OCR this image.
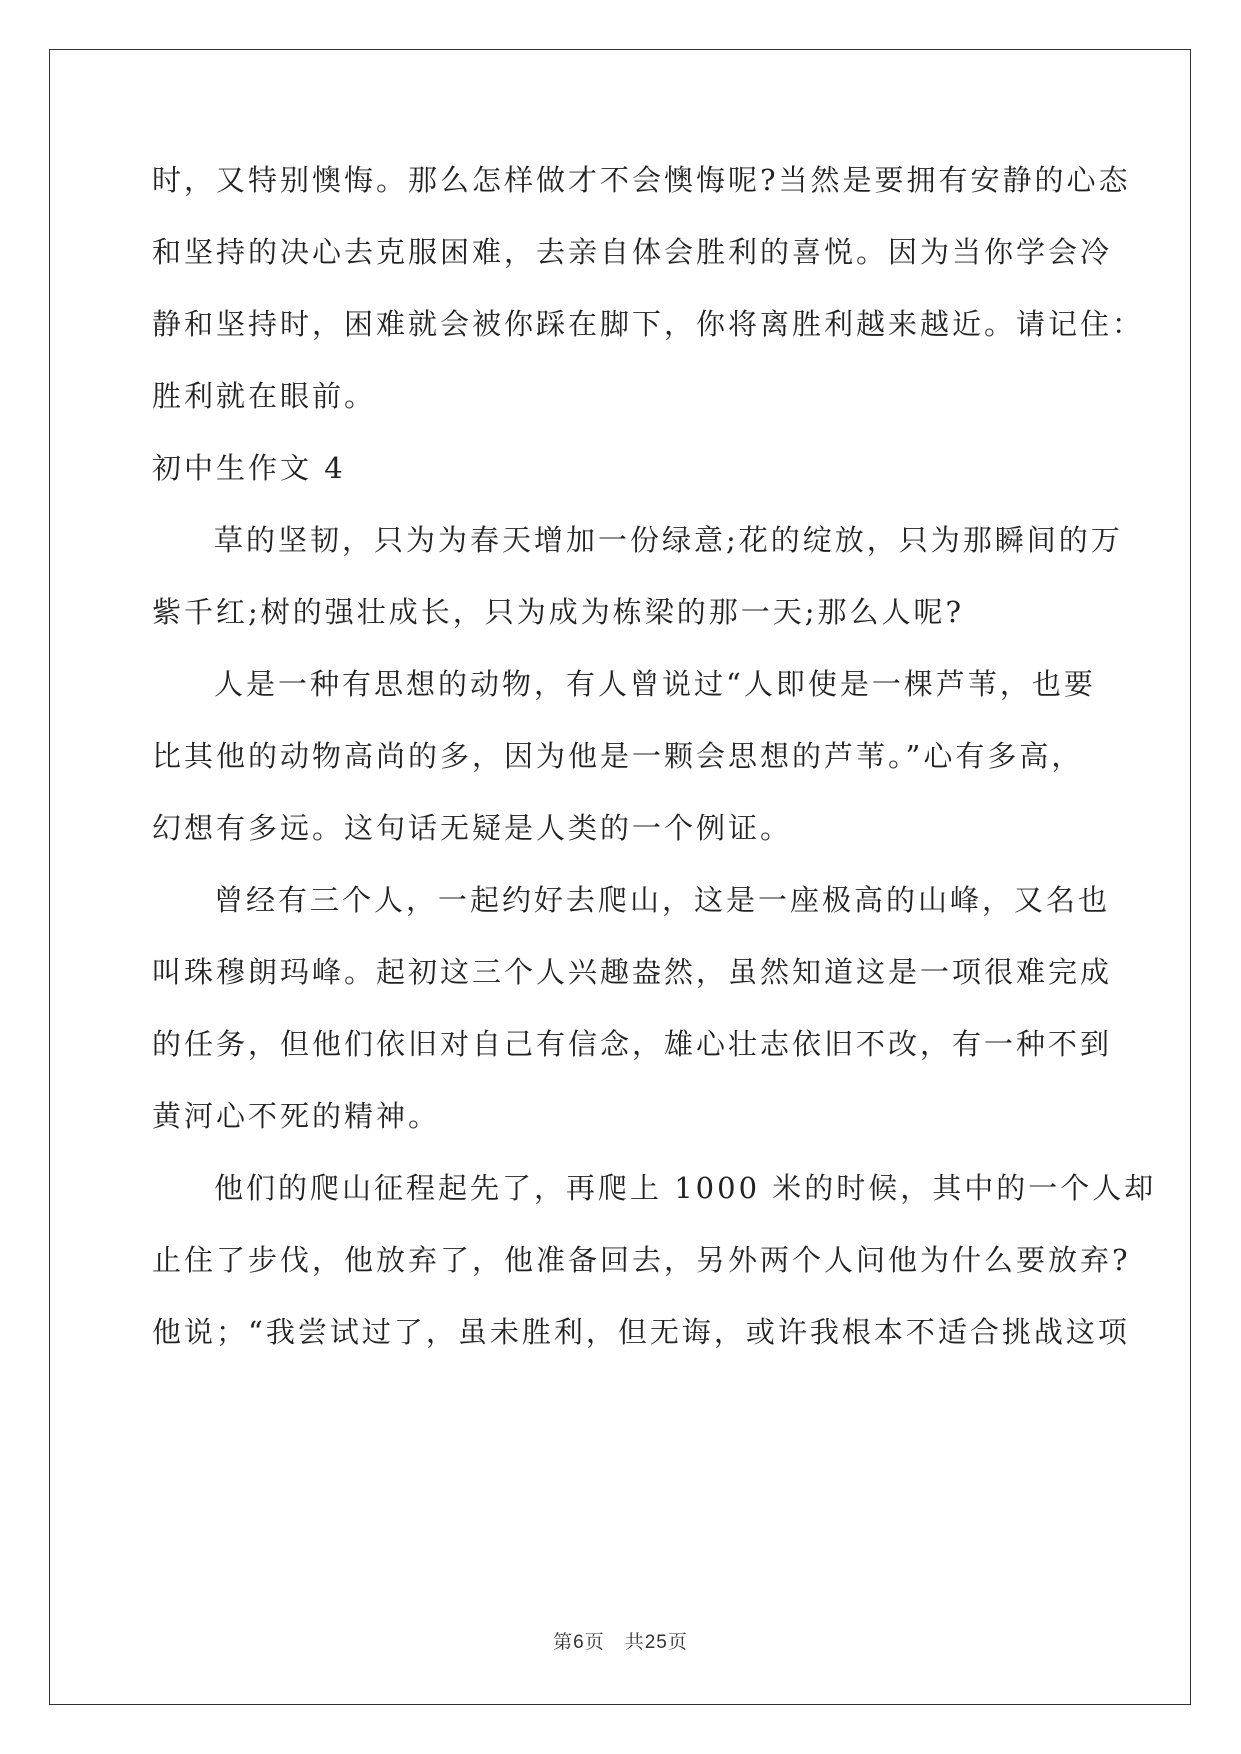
时，又特别懊悔。那么怎样做才不会懊悔呢?当然是要拥有安静的心态
和坚持的决心去克服困难，去亲自体会胜利的喜悦。因为当你学会冷
静和坚持时，困难就会被你踩在脚下，你将离胜利越来越近。请记住：
胜利就在眼前。
初中生作文 4
草的坚韧，只为为春天增加一份绿意;花的绽放，只为那瞬间的万
紫千红;树的强壮成长，只为成为栋梁的那一天;那么人呢?
人是一种有思想的动物，有人曾说过“人即使是一棵芦苇，也要
比其他的动物高尚的多，因为他是一颗会思想的芦苇。”心有多高，
幻想有多远。这句话无疑是人类的一个例证。
曾经有三个人，一起约好去爬山，这是一座极高的山峰，又名也
叫珠穆朗玛峰。起初这三个人兴趣盎然，虽然知道这是一项很难完成
的任务，但他们依旧对自己有信念，雄心壮志依旧不改，有一种不到
黄河心不死的精神。
他们的爬山征程起先了，再爬上 1000 米的时候，其中的一个人却
止住了步伐，他放弃了，他准备回去，另外两个人问他为什么要放弃?
他说；“我尝试过了，虽未胜利，但无诲，或许我根本不适合挑战这项
第6页　共25页
